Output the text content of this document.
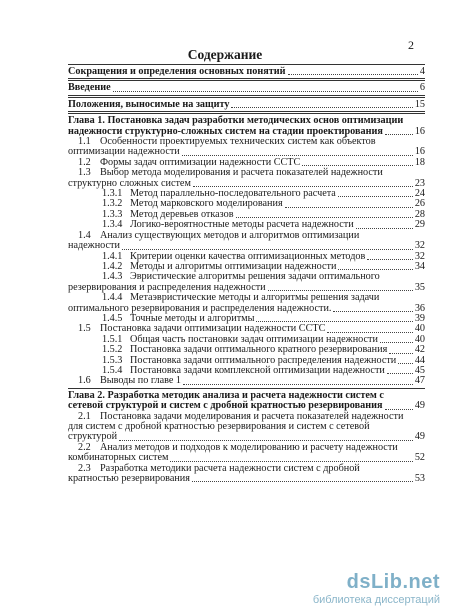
2
Содержание
Сокращения и определения основных понятий	4
Введение	6
Положения, выносимые на защиту	15
Глава 1. Постановка задач разработки методических основ оптимизации
надежности структурно-сложных систем на стадии проектирования	16
1.1 Особенности проектируемых технических систем как объектов
оптимизации надежности	16
1.2 Формы задач оптимизации надежности ССТС	18
1.3 Выбор метода моделирования и расчета показателей надежности
структурно сложных систем	23
1.3.1 Метод параллельно-последовательного расчета	24
1.3.2 Метод марковского моделирования	26
1.3.3 Метод деревьев отказов	28
1.3.4 Логико-вероятностные методы расчета надежности	29
1.4 Анализ существующих методов и алгоритмов оптимизации
надежности	32
1.4.1 Критерии оценки качества оптимизационных методов	32
1.4.2 Методы и алгоритмы оптимизации надежности	34
1.4.3 Эвристические алгоритмы решения задачи оптимального
резервирования и распределения надежности	35
1.4.4 Метаэвристические методы и алгоритмы решения задачи
оптимального резервирования и распределения надежности.	36
1.4.5 Точные методы и алгоритмы	39
1.5 Постановка задачи оптимизации надежности ССТС	40
1.5.1 Общая часть постановки задач оптимизации надежности	40
1.5.2 Постановка задачи оптимального кратного резервирования	42
1.5.3 Постановка задачи оптимального распределения надежности 44
1.5.4 Постановка задачи комплексной оптимизации надежности	45
1.6 Выводы по главе 1	47
Глава 2. Разработка методик анализа и расчета надежности систем с
сетевой структурой и систем с дробной кратностью резервирования	49
2.1 Постановка задачи моделирования и расчета показателей надежности
для систем с дробной кратностью резервирования и систем с сетевой
структурой	49
2.2 Анализ методов и подходов к моделированию и расчету надежности
комбинаторных систем	52
2.3 Разработка методики расчета надежности систем с дробной
кратностью резервирования	53
dsLib.net
библиотека диссертаций
